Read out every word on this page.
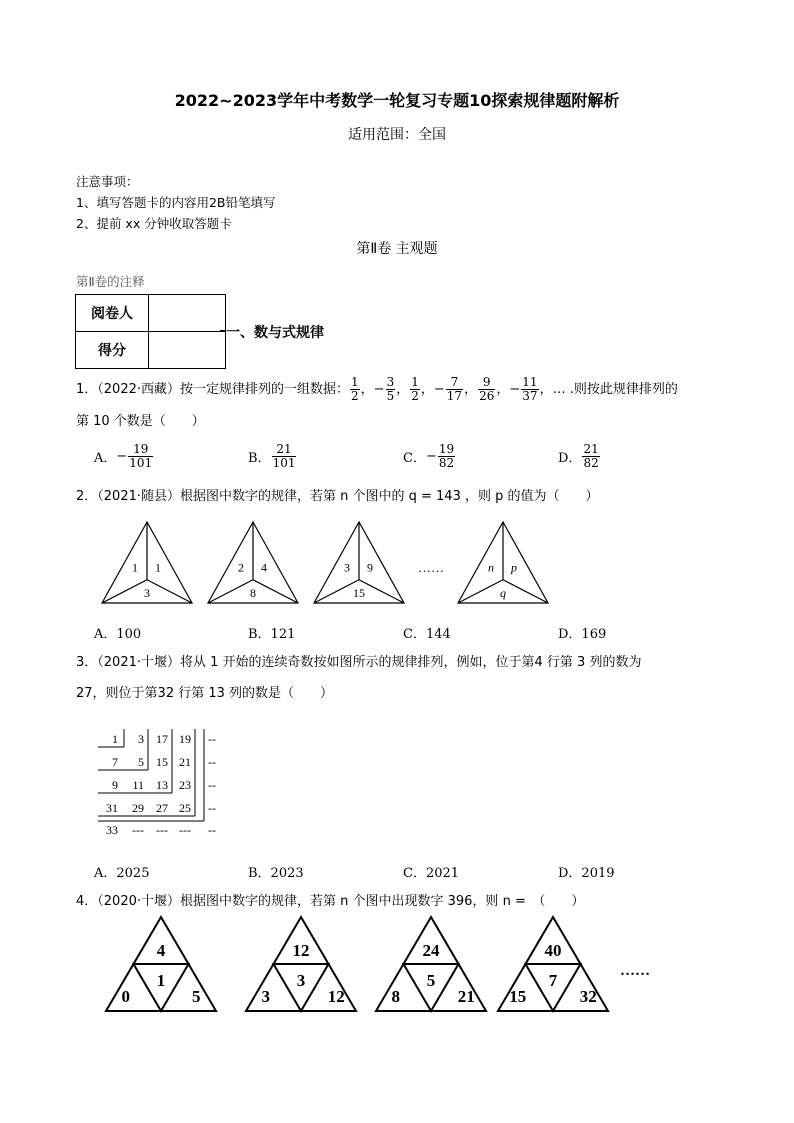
2022~2023学年中考数学一轮复习专题10探索规律题附解析
适用范围：全国
注意事项：
1、填写答题卡的内容用2B铅笔填写
2、提前 xx 分钟收取答题卡
第Ⅱ卷 主观题
第Ⅱ卷的注释
阅卷人	
得分	
一、数与式规律
1．（2022·西藏）按一定规律排列的一组数据： $\frac{1}{2}$ ，− $\frac{3}{5}$ ， $\frac{1}{2}$ ，− $\frac{7}{17}$ ， $\frac{9}{26}$ ，− $\frac{11}{37}$ ，… .则按此规律排列的
第 10 个数是（　　）
A．− $\frac{19}{101}$	B． $\frac{21}{101}$	C．− $\frac{19}{82}$	D． $\frac{21}{82}$
2．（2021·随县）根据图中数字的规律，若第 n 个图中的 q = 143 ，则 p 的值为（　　）
1 1
3
2 4
8
3 9
15
n p
q
……
A．100	B．121	C．144	D．169
3．（2021·十堰）将从 1 开始的连续奇数按如图所示的规律排列，例如，位于第4 行第 3 列的数为
27，则位于第32 行第 13 列的数是（　　）
1 3 17 19 --
7 5 15 21 --
9 11 13 23 --
31 29 27 25 --
33 --- --- --- --
A．2025	B．2023	C．2021	D．2019
4．（2020·十堰）根据图中数字的规律，若第 n 个图中出现数字 396，则 n =　（　　）
4
1
0	5
12
3
3	12
24
5
8	21
40
7
15	32
……
